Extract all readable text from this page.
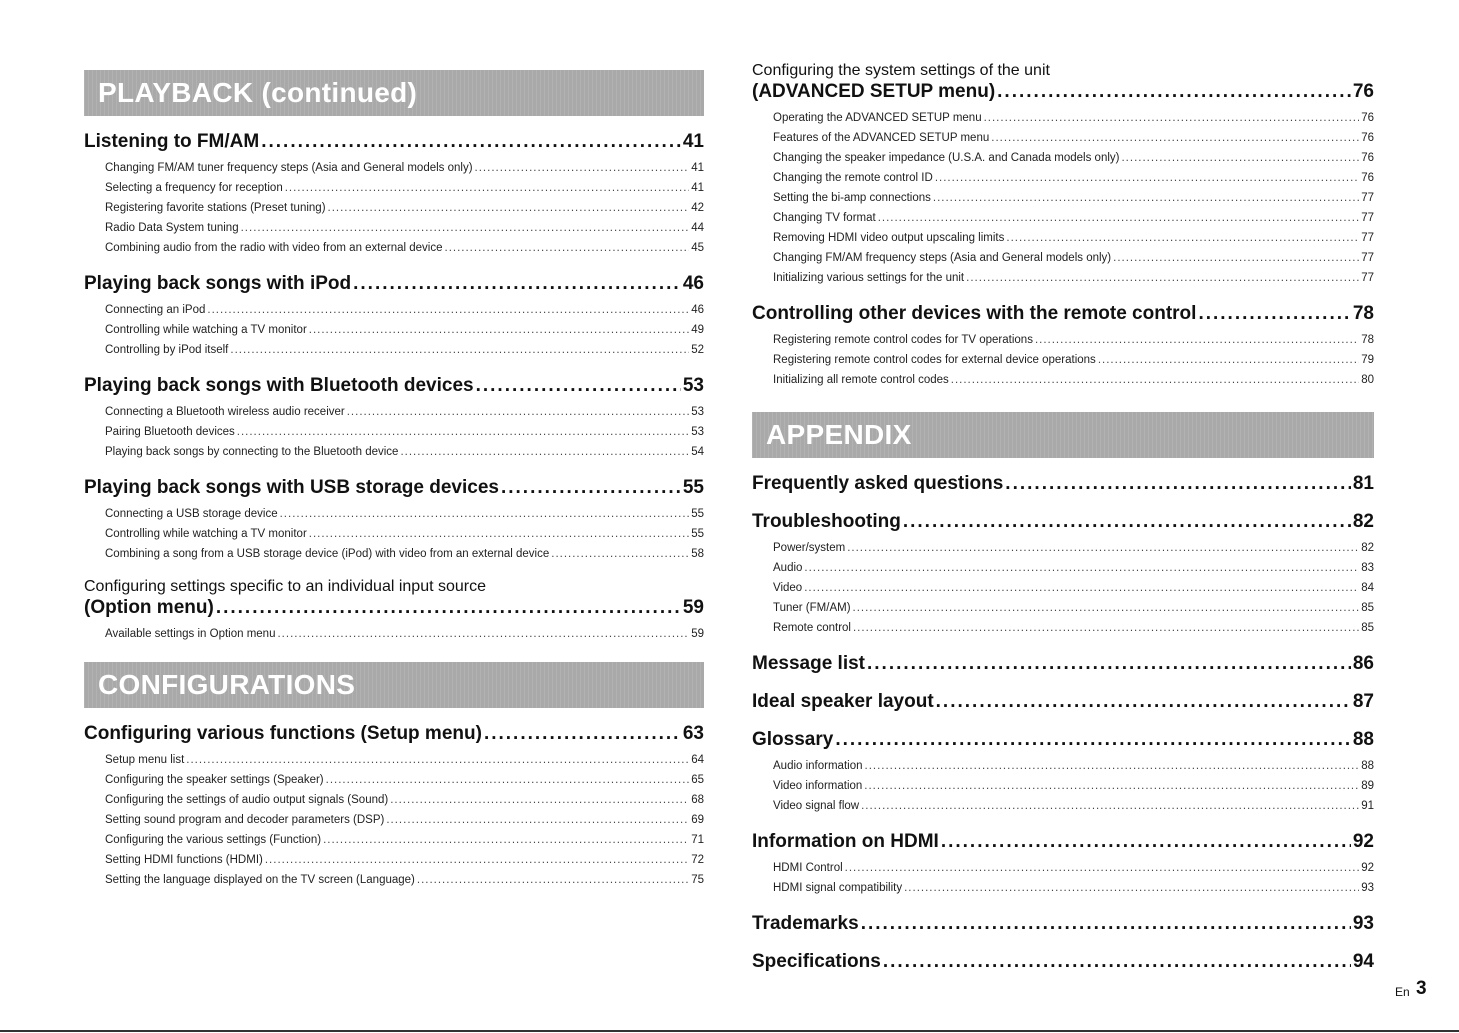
PLAYBACK (continued)
Listening to FM/AM .....	41
Changing FM/AM tuner frequency steps (Asia and General models only) .....	41
Selecting a frequency for reception .....	41
Registering favorite stations (Preset tuning) .....	42
Radio Data System tuning .....	44
Combining audio from the radio with video from an external device .....	45
Playing back songs with iPod .....	46
Connecting an iPod .....	46
Controlling while watching a TV monitor .....	49
Controlling by iPod itself .....	52
Playing back songs with Bluetooth devices .....	53
Connecting a Bluetooth wireless audio receiver .....	53
Pairing Bluetooth devices .....	53
Playing back songs by connecting to the Bluetooth device .....	54
Playing back songs with USB storage devices .....	55
Connecting a USB storage device .....	55
Controlling while watching a TV monitor .....	55
Combining a song from a USB storage device (iPod) with video from an external device .....	58
Configuring settings specific to an individual input source
(Option menu) .....	59
Available settings in Option menu .....	59
CONFIGURATIONS
Configuring various functions (Setup menu) .....	63
Setup menu list .....	64
Configuring the speaker settings (Speaker) .....	65
Configuring the settings of audio output signals (Sound) .....	68
Setting sound program and decoder parameters (DSP) .....	69
Configuring the various settings (Function) .....	71
Setting HDMI functions (HDMI) .....	72
Setting the language displayed on the TV screen (Language) .....	75
Configuring the system settings of the unit
(ADVANCED SETUP menu) .....	76
Operating the ADVANCED SETUP menu .....	76
Features of the ADVANCED SETUP menu .....	76
Changing the speaker impedance (U.S.A. and Canada models only) .....	76
Changing the remote control ID .....	76
Setting the bi-amp connections .....	77
Changing TV format .....	77
Removing HDMI video output upscaling limits .....	77
Changing FM/AM frequency steps (Asia and General models only) .....	77
Initializing various settings for the unit .....	77
Controlling other devices with the remote control .....	78
Registering remote control codes for TV operations .....	78
Registering remote control codes for external device operations .....	79
Initializing all remote control codes .....	80
APPENDIX
Frequently asked questions .....	81
Troubleshooting .....	82
Power/system .....	82
Audio .....	83
Video .....	84
Tuner (FM/AM) .....	85
Remote control .....	85
Message list .....	86
Ideal speaker layout .....	87
Glossary .....	88
Audio information .....	88
Video information .....	89
Video signal flow .....	91
Information on HDMI .....	92
HDMI Control .....	92
HDMI signal compatibility .....	93
Trademarks .....	93
Specifications .....	94
En 3
